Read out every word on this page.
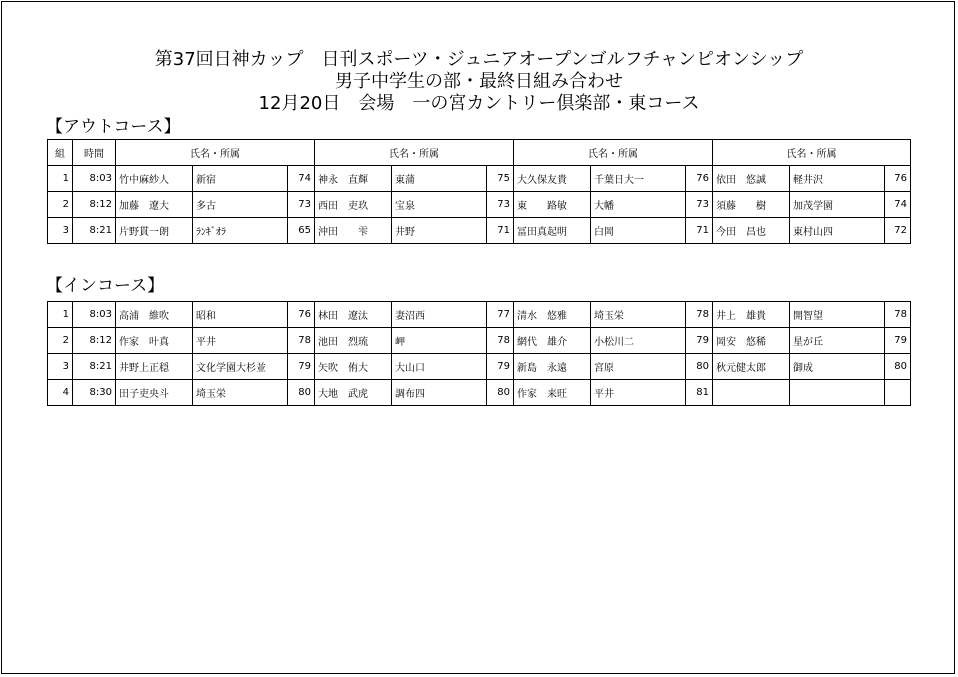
第37回日神カップ　日刊スポーツ・ジュニアオープンゴルフチャンピオンシップ
男子中学生の部・最終日組み合わせ
12月20日　会場　一の宮カントリー倶楽部・東コース
【アウトコース】
組	時間	氏名・所属			氏名・所属			氏名・所属			氏名・所属		
1	8:03	竹中麻紗人	新宿	74	神永　直輝	東蒲	75	大久保友貴	千葉日大一	76	依田　悠誠	軽井沢	76
2	8:12	加藤　遼大	多古	73	西田　吏玖	宝泉	73	東　　路敏	大幡	73	須藤　　樹	加茂学園	74
3	8:21	片野貫一朗	ﾗﾝｷﾞｵﾗ	65	沖田　　雫	井野	71	冨田真起明	白岡	71	今田　昌也	東村山四	72
【インコース】
1	8:03	高浦　維吹	昭和	76	林田　遼汰	妻沼西	77	清水　悠雅	埼玉栄	78	井上　雄貴	開智望	78
2	8:12	作家　叶真	平井	78	池田　烈琉	岬	78	網代　雄介	小松川二	79	岡安　悠稀	星が丘	79
3	8:21	井野上正穏	文化学園大杉並	79	矢吹　侑大	大山口	79	新島　永遠	宮原	80	秋元健太郎	御成	80
4	8:30	田子吏央斗	埼玉栄	80	大地　武虎	調布四	80	作家　来旺	平井	81			
